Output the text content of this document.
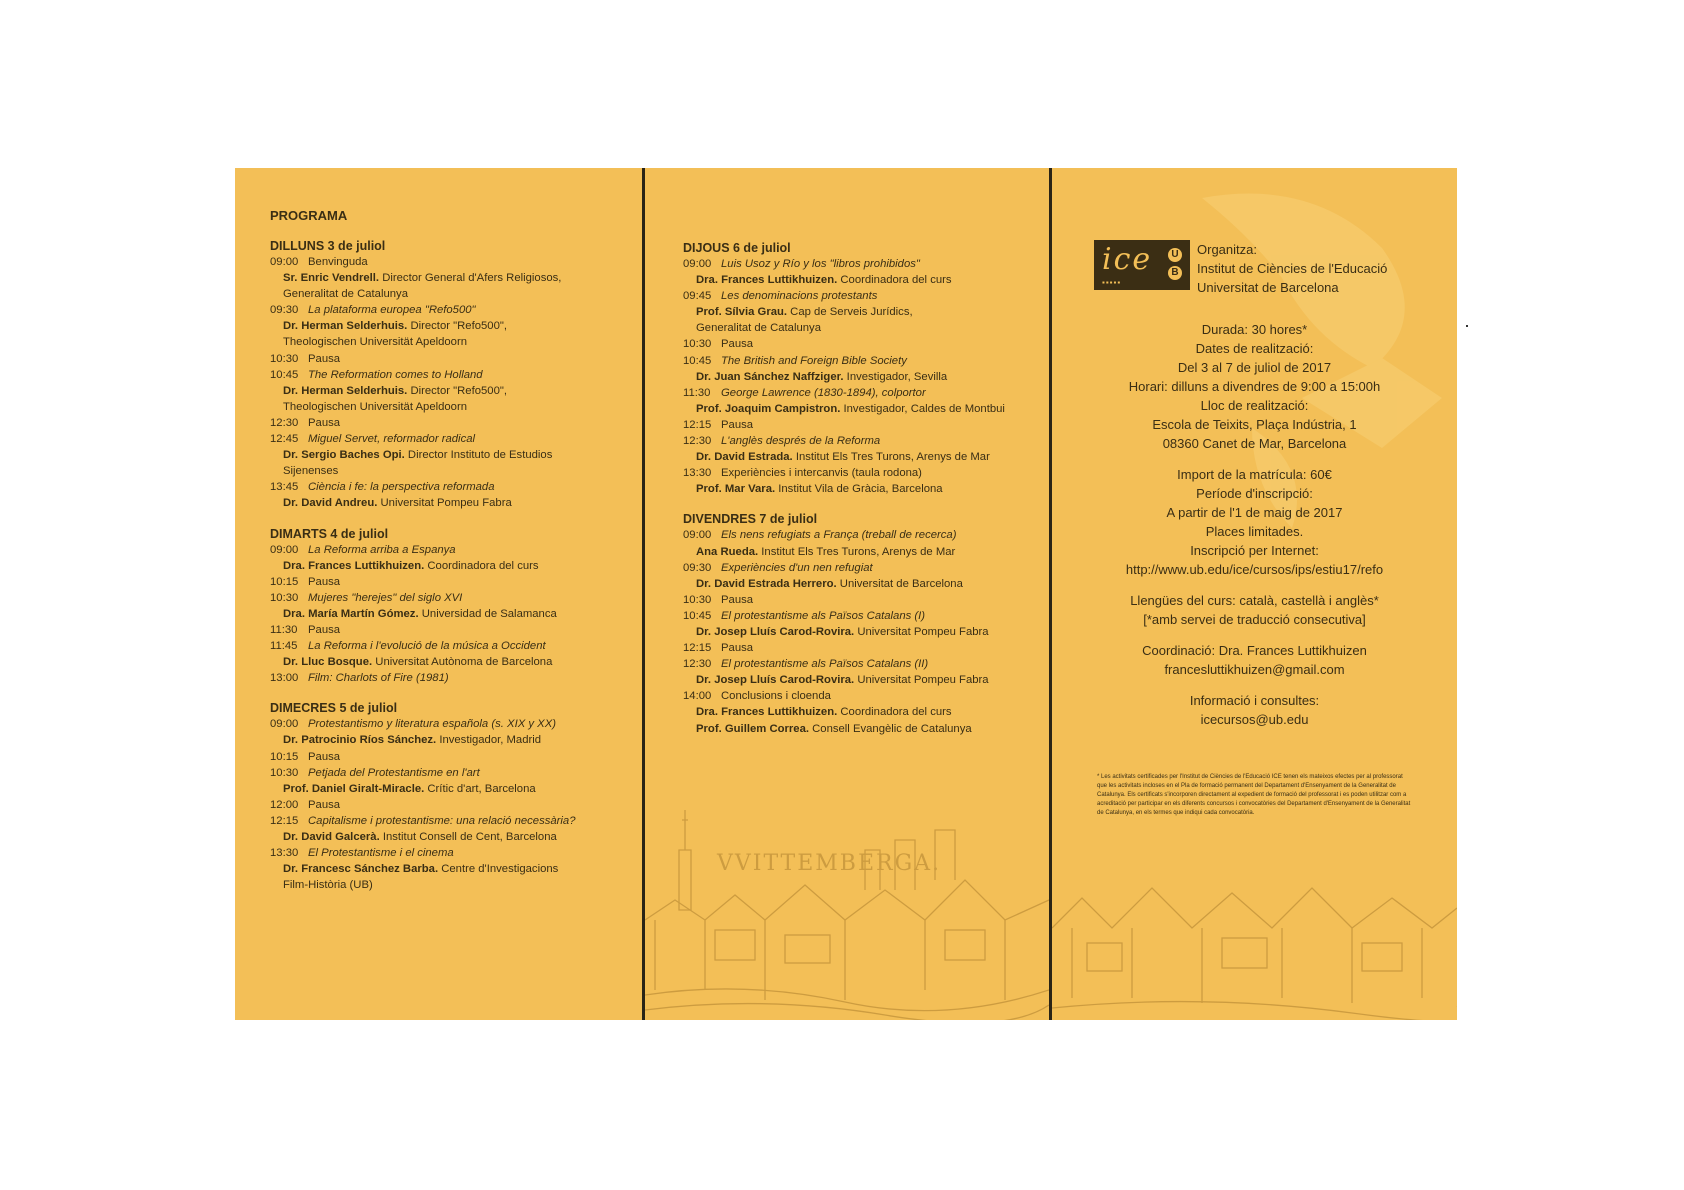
PROGRAMA
DILLUNS 3 de juliol
09:00 Benvinguda
Sr. Enric Vendrell. Director General d'Afers Religiosos,
Generalitat de Catalunya
09:30 La plataforma europea "Refo500"
Dr. Herman Selderhuis. Director "Refo500",
Theologischen Universität Apeldoorn
10:30 Pausa
10:45 The Reformation comes to Holland
Dr. Herman Selderhuis. Director "Refo500",
Theologischen Universität Apeldoorn
12:30 Pausa
12:45 Miguel Servet, reformador radical
Dr. Sergio Baches Opi. Director Instituto de Estudios
Sijenenses
13:45 Ciència i fe: la perspectiva reformada
Dr. David Andreu. Universitat Pompeu Fabra
DIMARTS 4 de juliol
09:00 La Reforma arriba a Espanya
Dra. Frances Luttikhuizen. Coordinadora del curs
10:15 Pausa
10:30 Mujeres "herejes" del siglo XVI
Dra. María Martín Gómez. Universidad de Salamanca
11:30 Pausa
11:45 La Reforma i l'evolució de la música a Occident
Dr. Lluc Bosque. Universitat Autònoma de Barcelona
13:00 Film: Charlots of Fire (1981)
DIMECRES 5 de juliol
09:00 Protestantismo y literatura española (s. XIX y XX)
Dr. Patrocinio Ríos Sánchez. Investigador, Madrid
10:15 Pausa
10:30 Petjada del Protestantisme en l'art
Prof. Daniel Giralt-Miracle. Crític d'art, Barcelona
12:00 Pausa
12:15 Capitalisme i protestantisme: una relació necessària?
Dr. David Galcerà. Institut Consell de Cent, Barcelona
13:30 El Protestantisme i el cinema
Dr. Francesc Sánchez Barba. Centre d'Investigacions
Film-Història (UB)
DIJOUS 6 de juliol
09:00 Luis Usoz y Río y los "libros prohibidos"
Dra. Frances Luttikhuizen. Coordinadora del curs
09:45 Les denominacions protestants
Prof. Sílvia Grau. Cap de Serveis Jurídics,
Generalitat de Catalunya
10:30 Pausa
10:45 The British and Foreign Bible Society
Dr. Juan Sánchez Naffziger. Investigador, Sevilla
11:30 George Lawrence (1830-1894), colportor
Prof. Joaquim Campistron. Investigador, Caldes de Montbui
12:15 Pausa
12:30 L'anglès després de la Reforma
Dr. David Estrada. Institut Els Tres Turons, Arenys de Mar
13:30 Experiències i intercanvis (taula rodona)
Prof. Mar Vara. Institut Vila de Gràcia, Barcelona
DIVENDRES 7 de juliol
09:00 Els nens refugiats a França (treball de recerca)
Ana Rueda. Institut Els Tres Turons, Arenys de Mar
09:30 Experiències d'un nen refugiat
Dr. David Estrada Herrero. Universitat de Barcelona
10:30 Pausa
10:45 El protestantisme als Països Catalans (I)
Dr. Josep Lluís Carod-Rovira. Universitat Pompeu Fabra
12:15 Pausa
12:30 El protestantisme als Països Catalans (II)
Dr. Josep Lluís Carod-Rovira. Universitat Pompeu Fabra
14:00 Conclusions i cloenda
Dra. Frances Luttikhuizen. Coordinadora del curs
Prof. Guillem Correa. Consell Evangèlic de Catalunya
VVITTEMBERGA.
ice
▪▪▪▪▪
U
B
Organitza:
Institut de Ciències de l'Educació
Universitat de Barcelona
Durada: 30 hores*
Dates de realització:
Del 3 al 7 de juliol de 2017
Horari: dilluns a divendres de 9:00 a 15:00h
Lloc de realització:
Escola de Teixits, Plaça Indústria, 1
08360 Canet de Mar, Barcelona
Import de la matrícula: 60€
Període d'inscripció:
A partir de l'1 de maig de 2017
Places limitades.
Inscripció per Internet:
http://www.ub.edu/ice/cursos/ips/estiu17/refo
Llengües del curs: català, castellà i anglès*
[*amb servei de traducció consecutiva]
Coordinació: Dra. Frances Luttikhuizen
francesluttikhuizen@gmail.com
Informació i consultes:
icecursos@ub.edu
* Les activitats certificades per l'Institut de Ciències de l'Educació ICE tenen els mateixos efectes per al professorat que les activitats incloses en el Pla de formació permanent del Departament d'Ensenyament de la Generalitat de Catalunya. Els certificats s'incorporen directament al expedient de formació del professorat i es poden utilitzar com a acreditació per participar en els diferents concursos i convocatòries del Departament d'Ensenyament de la Generalitat de Catalunya, en els termes que indiqui cada convocatòria.
